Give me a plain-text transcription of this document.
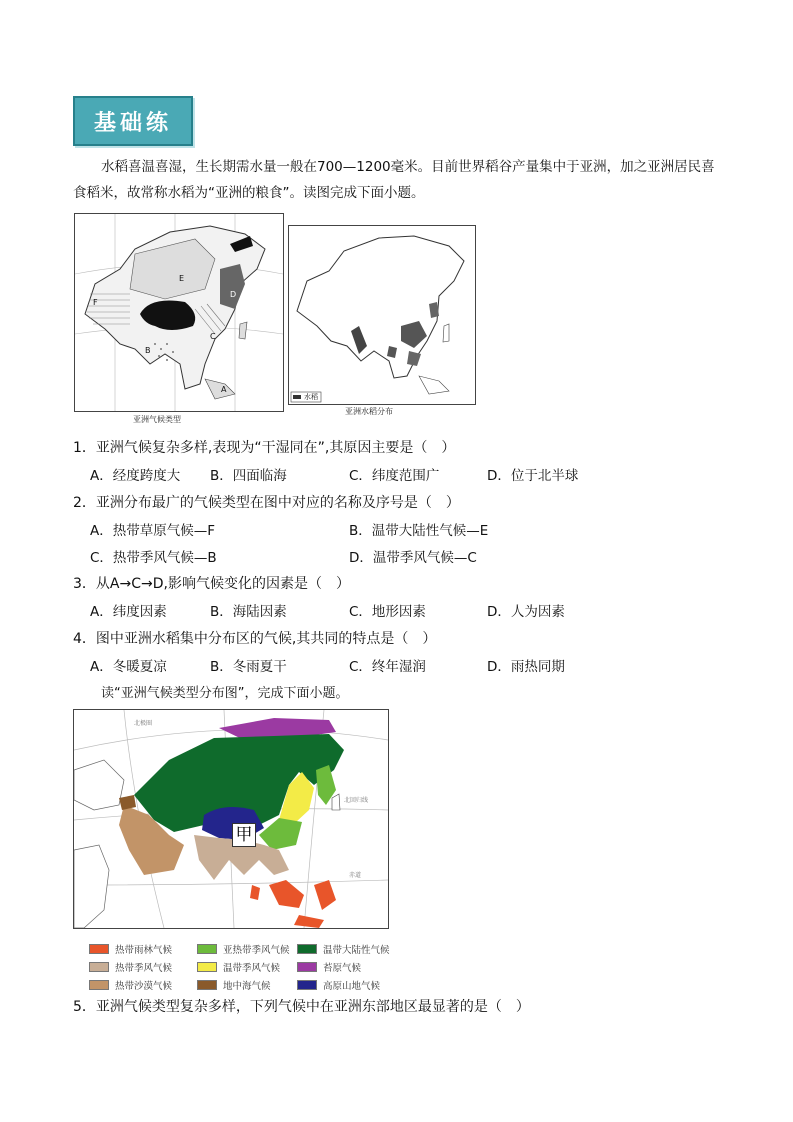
基础练
水稻喜温喜湿，生长期需水量一般在700—1200毫米。目前世界稻谷产量集中于亚洲，加之亚洲居民喜食稻米，故常称水稻为“亚洲的粮食”。读图完成下面小题。
E
D
F
C
B
A
亚洲气候类型
水稻
亚洲水稻分布
1．亚洲气候复杂多样,表现为“干湿同在”,其原因主要是（　）
A．经度跨度大 B．四面临海	C．纬度范围广	D．位于北半球
2．亚洲分布最广的气候类型在图中对应的名称及序号是（　）
A．热带草原气候—F	B．温带大陆性气候—E
C．热带季风气候—B	D．温带季风气候—C
3．从A→C→D,影响气候变化的因素是（　）
A．纬度因素	B．海陆因素	C．地形因素	D．人为因素
4．图中亚洲水稻集中分布区的气候,其共同的特点是（　）
A．冬暖夏凉	B．冬雨夏干	C．终年湿润	D．雨热同期
读“亚洲气候类型分布图”，完成下面小题。
甲
北极圈
北回归线
赤道
热带雨林气候	亚热带季风气候	温带大陆性气候
热带季风气候	温带季风气候	苔原气候
热带沙漠气候	地中海气候	高原山地气候
5．亚洲气候类型复杂多样，下列气候中在亚洲东部地区最显著的是（　）
